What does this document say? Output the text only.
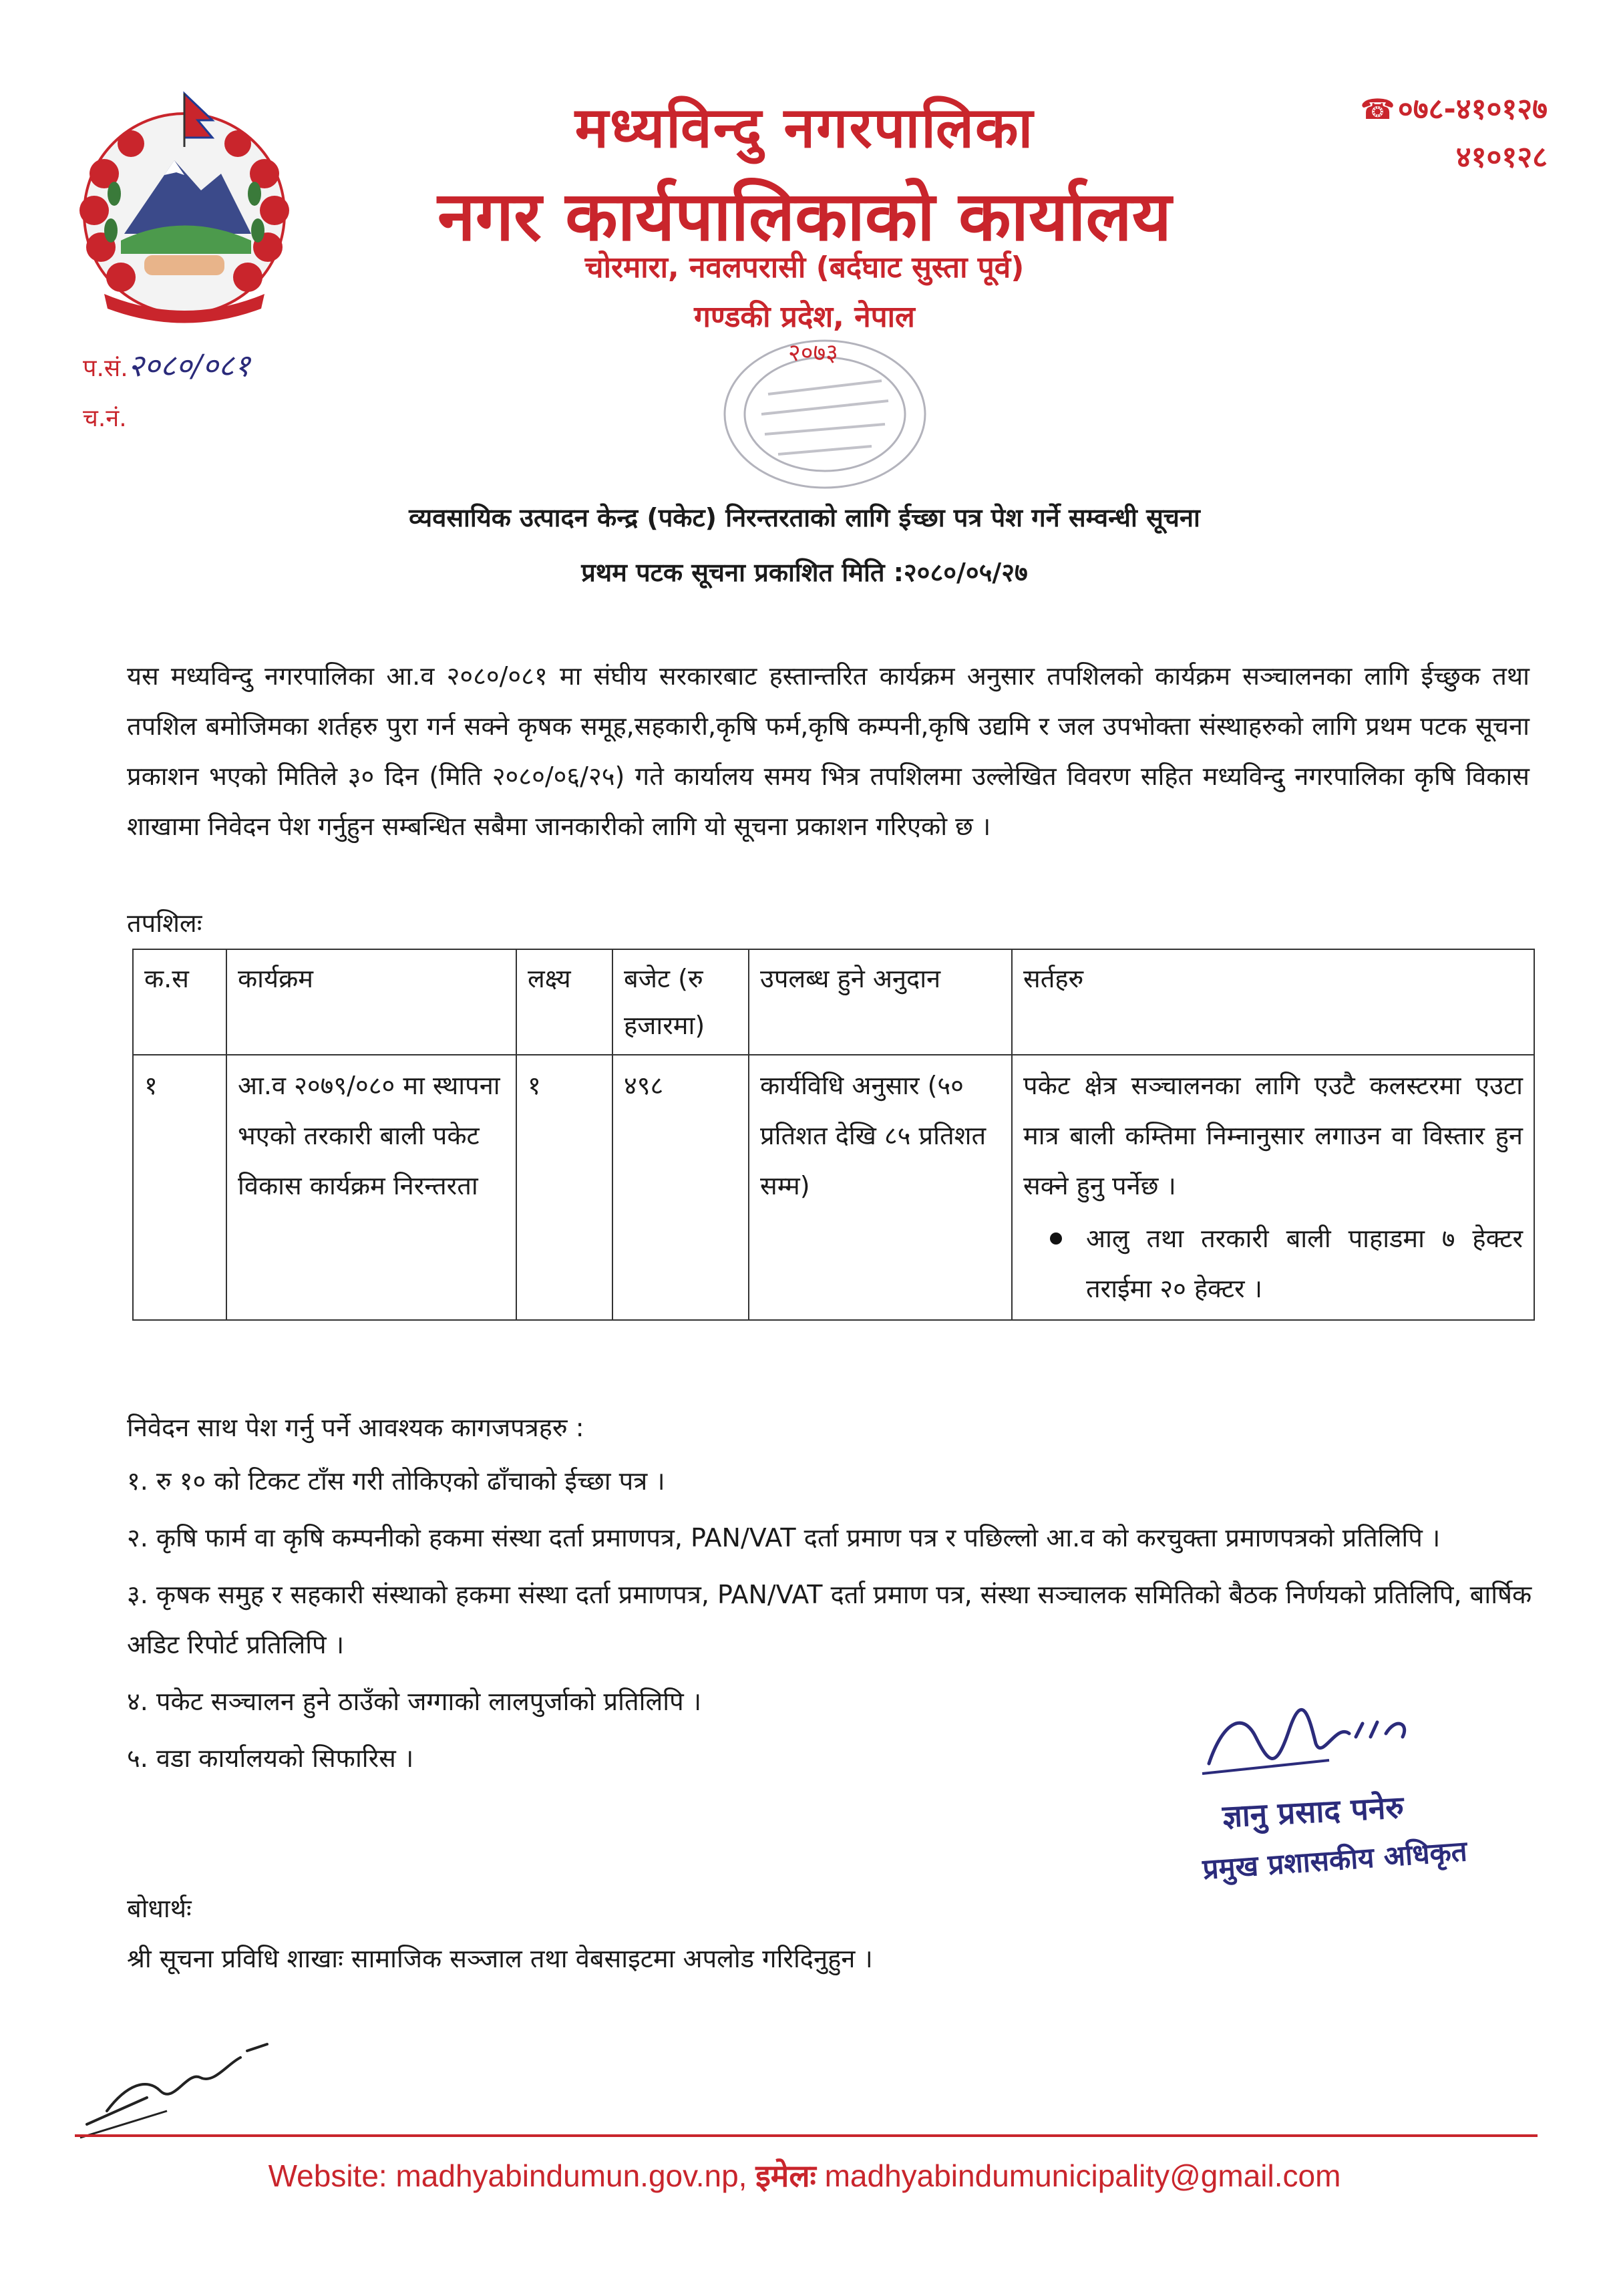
मध्यविन्दु नगरपालिका
नगर कार्यपालिकाको कार्यालय
चोरमारा, नवलपरासी (बर्दघाट सुस्ता पूर्व)
गण्डकी प्रदेश, नेपाल
☎०७८-४१०१२७
४१०१२८
प.सं.२०८०/०८१
च.नं.
२०७३
व्यवसायिक उत्पादन केन्द्र (पकेट) निरन्तरताको लागि ईच्छा पत्र पेश गर्ने सम्वन्धी सूचना
प्रथम पटक सूचना प्रकाशित मिति :२०८०/०५/२७
यस मध्यविन्दु नगरपालिका आ.व २०८०/०८१ मा संघीय सरकारबाट हस्तान्तरित कार्यक्रम अनुसार तपशिलको कार्यक्रम सञ्चालनका लागि ईच्छुक तथा तपशिल बमोजिमका शर्तहरु पुरा गर्न सक्ने कृषक समूह,सहकारी,कृषि फर्म,कृषि कम्पनी,कृषि उद्यमि र जल उपभोक्ता संस्थाहरुको लागि प्रथम पटक सूचना प्रकाशन भएको मितिले ३० दिन (मिति २०८०/०६/२५) गते कार्यालय समय भित्र तपशिलमा उल्लेखित विवरण सहित मध्यविन्दु नगरपालिका कृषि विकास शाखामा निवेदन पेश गर्नुहुन सम्बन्धित सबैमा जानकारीको लागि यो सूचना प्रकाशन गरिएको छ ।
तपशिलः
क.स	कार्यक्रम	लक्ष्य	बजेट (रु हजारमा)	उपलब्ध हुने अनुदान	सर्तहरु
१	आ.व २०७९/०८० मा स्थापना भएको तरकारी बाली पकेट विकास कार्यक्रम निरन्तरता	१	४९८	कार्यविधि अनुसार (५० प्रतिशत देखि ८५ प्रतिशत सम्म)	पकेट क्षेत्र सञ्चालनका लागि एउटै कलस्टरमा एउटा मात्र बाली कम्तिमा निम्नानुसार लगाउन वा विस्तार हुन सक्ने हुनु पर्नेछ ।
आलु तथा तरकारी बाली पाहाडमा ७ हेक्टर तराईमा २० हेक्टर ।
निवेदन साथ पेश गर्नु पर्ने आवश्यक कागजपत्रहरु :
१. रु १० को टिकट टाँस गरी तोकिएको ढाँचाको ईच्छा पत्र ।
२. कृषि फार्म वा कृषि कम्पनीको हकमा संस्था दर्ता प्रमाणपत्र, PAN/VAT दर्ता प्रमाण पत्र र पछिल्लो आ.व को करचुक्ता प्रमाणपत्रको प्रतिलिपि ।
३. कृषक समुह र सहकारी संस्थाको हकमा संस्था दर्ता प्रमाणपत्र, PAN/VAT दर्ता प्रमाण पत्र, संस्था सञ्चालक समितिको बैठक निर्णयको प्रतिलिपि, बार्षिक अडिट रिपोर्ट प्रतिलिपि ।
४. पकेट सञ्चालन हुने ठाउँको जग्गाको लालपुर्जाको प्रतिलिपि ।
५. वडा कार्यालयको सिफारिस ।
ज्ञानु प्रसाद पनेरु
प्रमुख प्रशासकीय अधिकृत
बोधार्थः
श्री सूचना प्रविधि शाखाः सामाजिक सञ्जाल तथा वेबसाइटमा अपलोड गरिदिनुहुन ।
Website: madhyabindumun.gov.np, इमेलः madhyabindumunicipality@gmail.com
